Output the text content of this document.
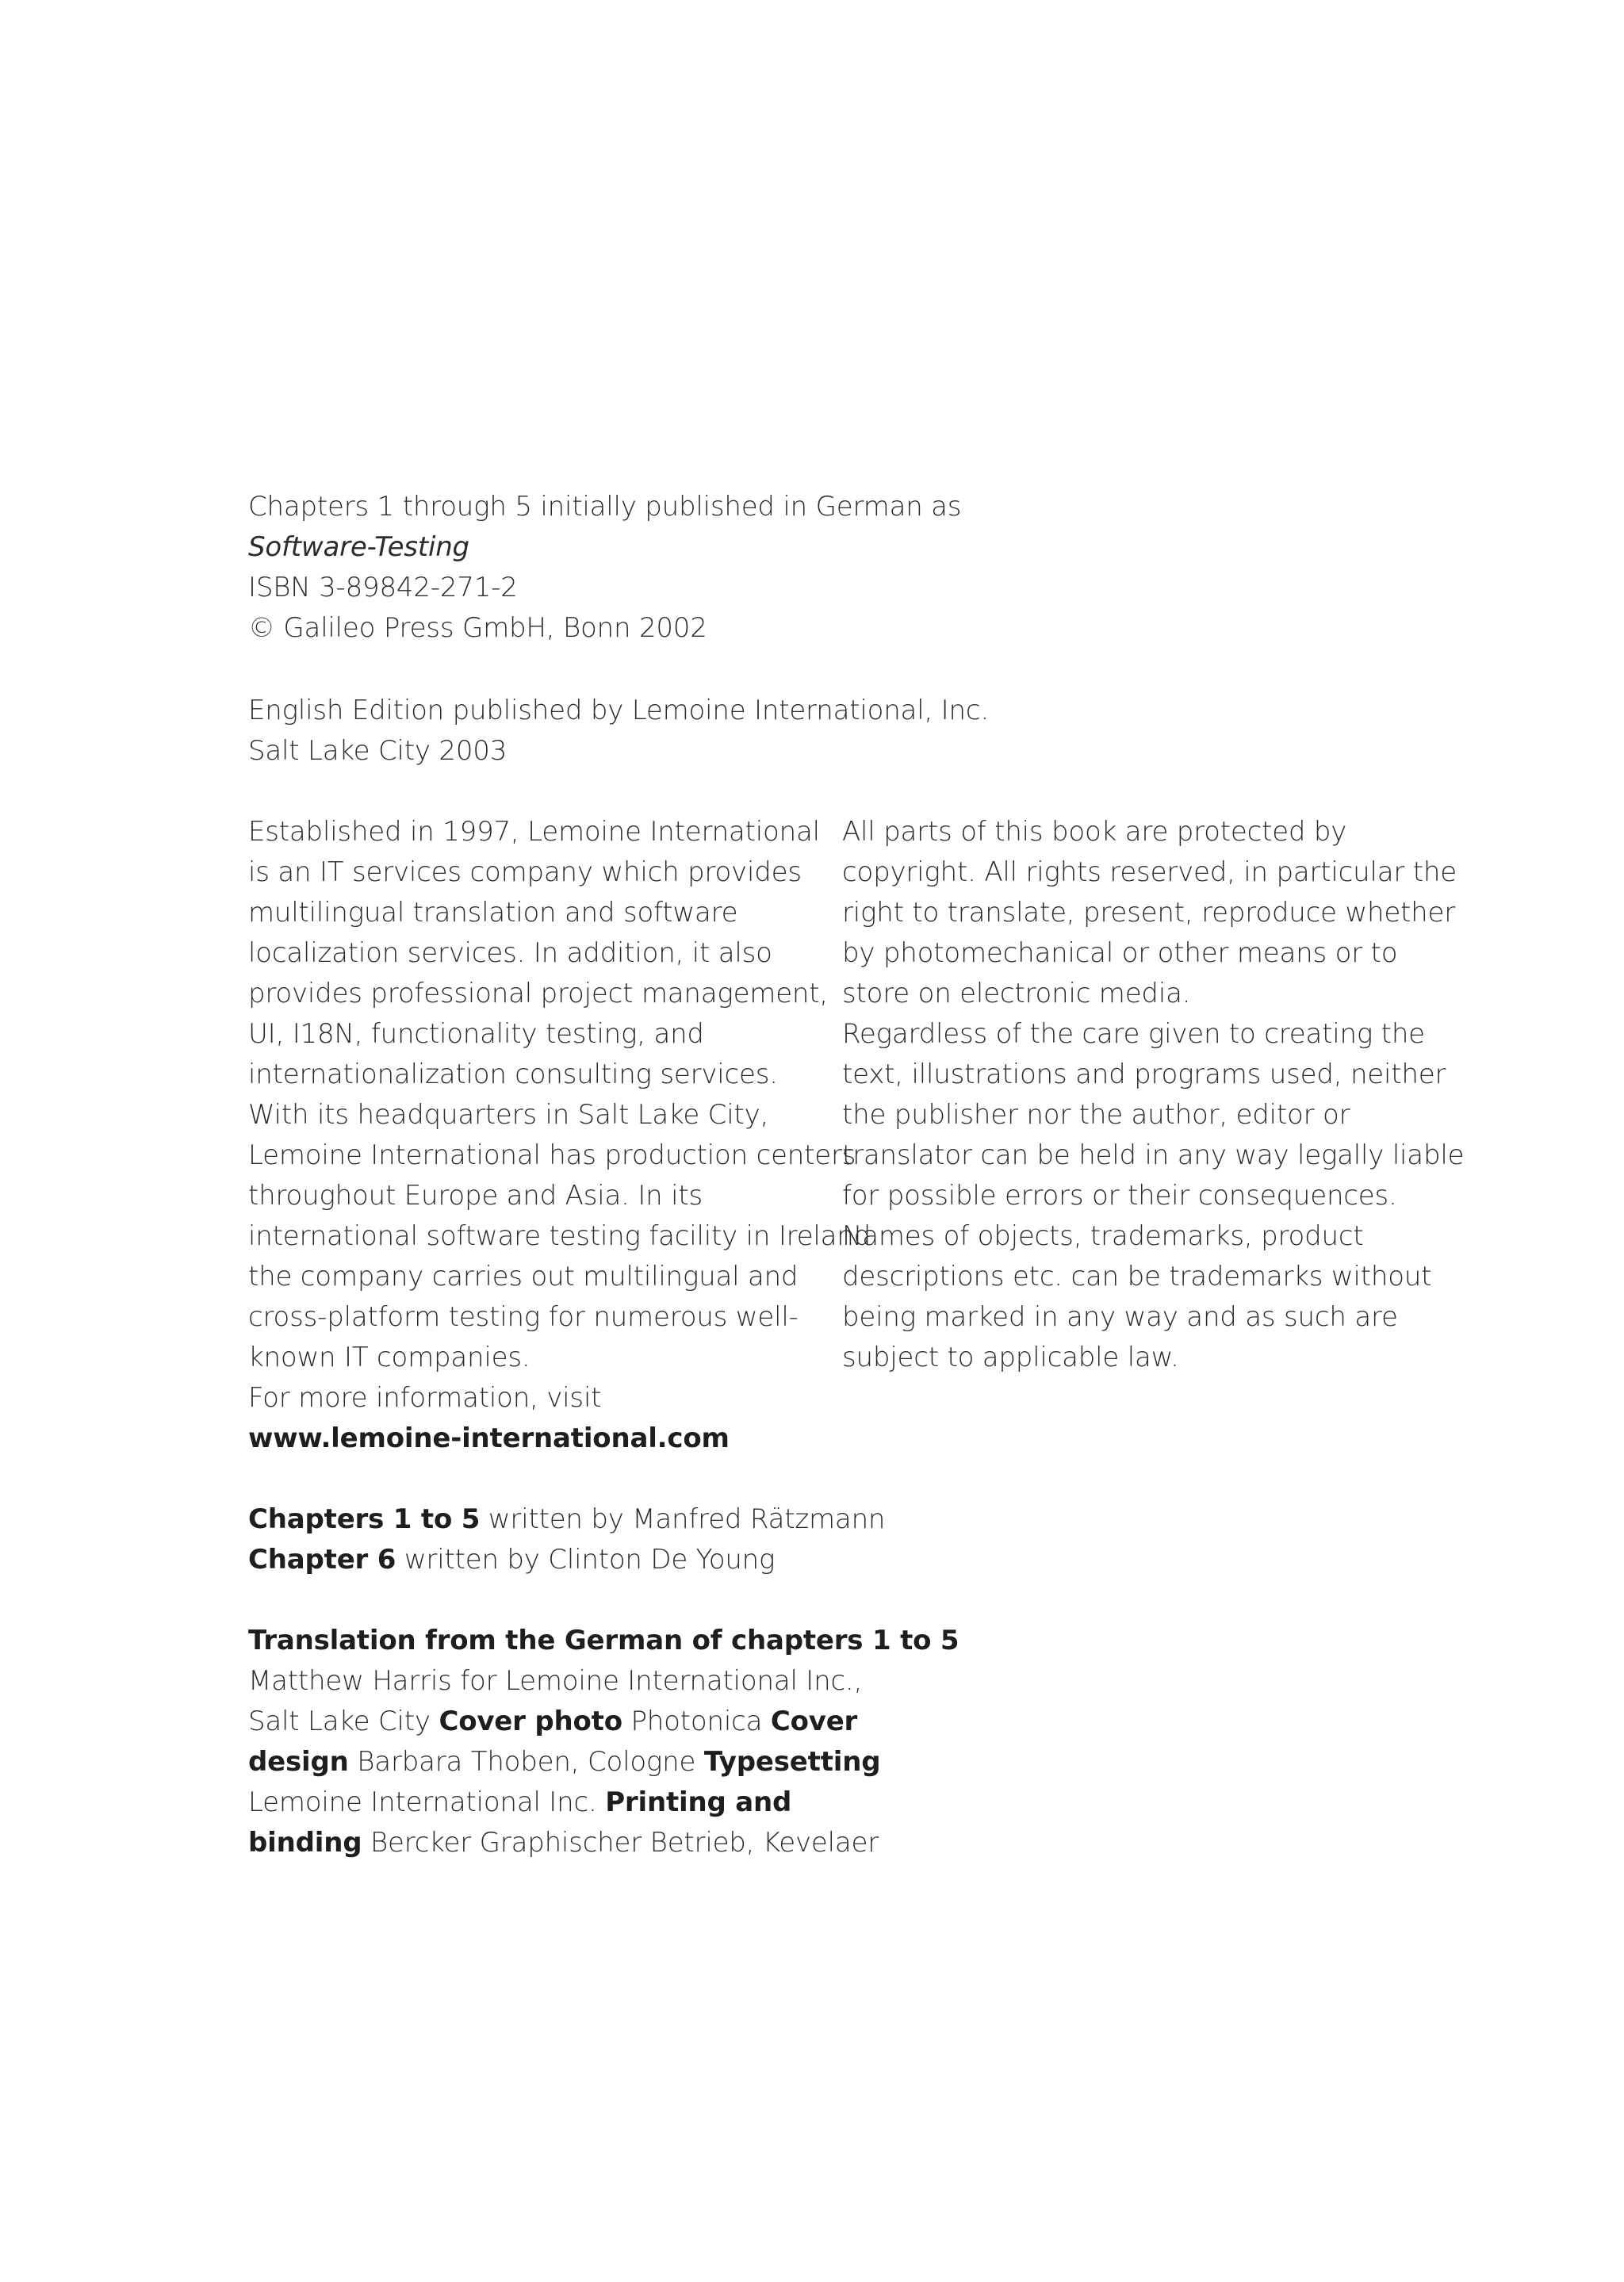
Chapters 1 through 5 initially published in German as
Software-Testing
ISBN 3-89842-271-2
© Galileo Press GmbH, Bonn 2002
English Edition published by Lemoine International, Inc.
Salt Lake City 2003
Established in 1997, Lemoine International
is an IT services company which provides
multilingual translation and software
localization services. In addition, it also
provides professional project management,
UI, I18N, functionality testing, and
internationalization consulting services.
With its headquarters in Salt Lake City,
Lemoine International has production centers
throughout Europe and Asia. In its
international software testing facility in Ireland
the company carries out multilingual and
cross-platform testing for numerous well-
known IT companies.
For more information, visit
www.lemoine-international.com
All parts of this book are protected by
copyright. All rights reserved, in particular the
right to translate, present, reproduce whether
by photomechanical or other means or to
store on electronic media.
Regardless of the care given to creating the
text, illustrations and programs used, neither
the publisher nor the author, editor or
translator can be held in any way legally liable
for possible errors or their consequences.
Names of objects, trademarks, product
descriptions etc. can be trademarks without
being marked in any way and as such are
subject to applicable law.
Chapters 1 to 5 written by Manfred Rätzmann
Chapter 6 written by Clinton De Young
Translation from the German of chapters 1 to 5
Matthew Harris for Lemoine International Inc.,
Salt Lake City Cover photo Photonica Cover
design Barbara Thoben, Cologne Typesetting
Lemoine International Inc. Printing and
binding Bercker Graphischer Betrieb, Kevelaer
